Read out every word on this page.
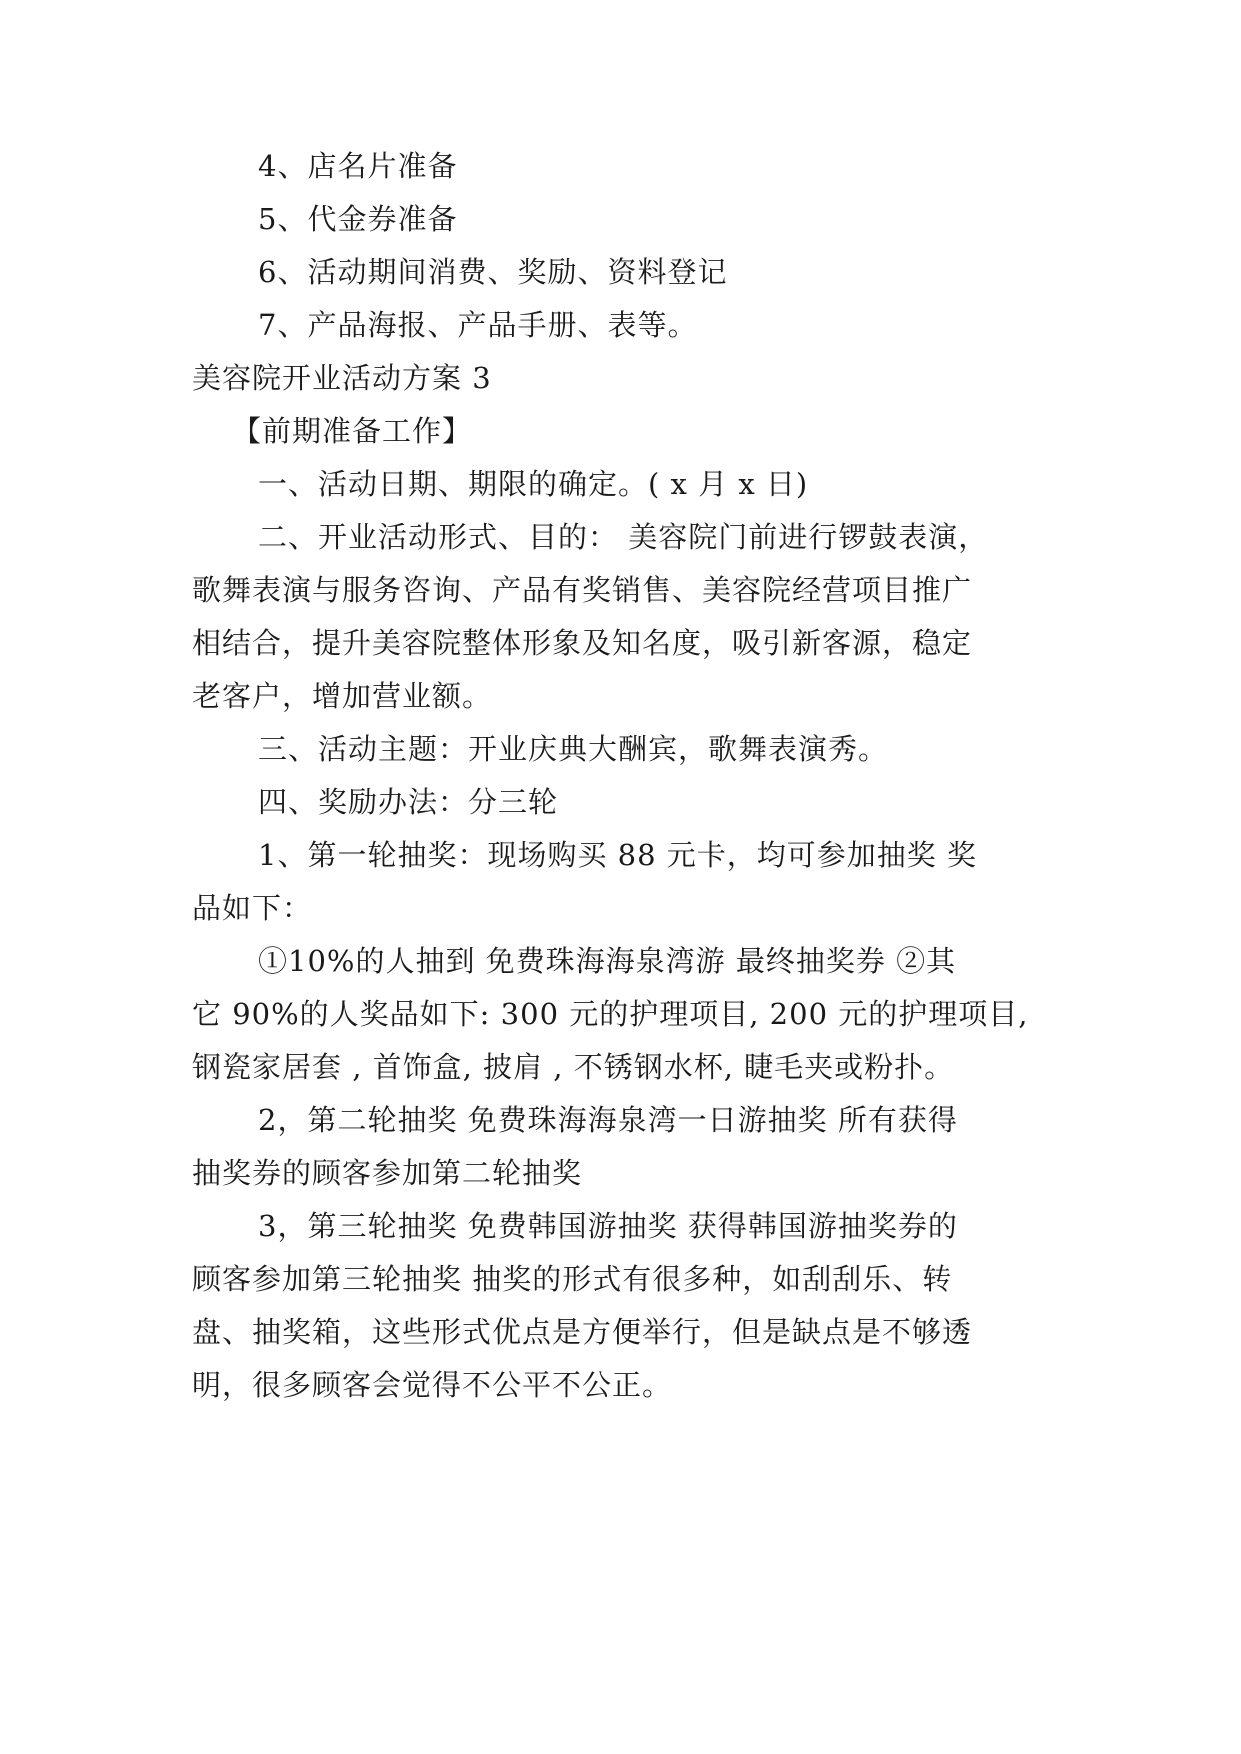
4、店名片准备
5、代金券准备
6、活动期间消费、奖励、资料登记
7、产品海报、产品手册、表等。
美容院开业活动方案 3
【前期准备工作】
一、活动日期、期限的确定。( x 月 x 日)
二、开业活动形式、目的： 美容院门前进行锣鼓表演，
歌舞表演与服务咨询、产品有奖销售、美容院经营项目推广
相结合，提升美容院整体形象及知名度，吸引新客源，稳定
老客户，增加营业额。
三、活动主题：开业庆典大酬宾，歌舞表演秀。
四、奖励办法：分三轮
1、第一轮抽奖：现场购买 88 元卡，均可参加抽奖 奖
品如下：
①10%的人抽到 免费珠海海泉湾游 最终抽奖券 ②其
它 90%的人奖品如下: 300 元的护理项目, 200 元的护理项目,
钢瓷家居套 , 首饰盒, 披肩 , 不锈钢水杯, 睫毛夹或粉扑。
2，第二轮抽奖 免费珠海海泉湾一日游抽奖 所有获得
抽奖券的顾客参加第二轮抽奖
3，第三轮抽奖 免费韩国游抽奖 获得韩国游抽奖券的
顾客参加第三轮抽奖 抽奖的形式有很多种，如刮刮乐、转
盘、抽奖箱，这些形式优点是方便举行，但是缺点是不够透
明，很多顾客会觉得不公平不公正。
